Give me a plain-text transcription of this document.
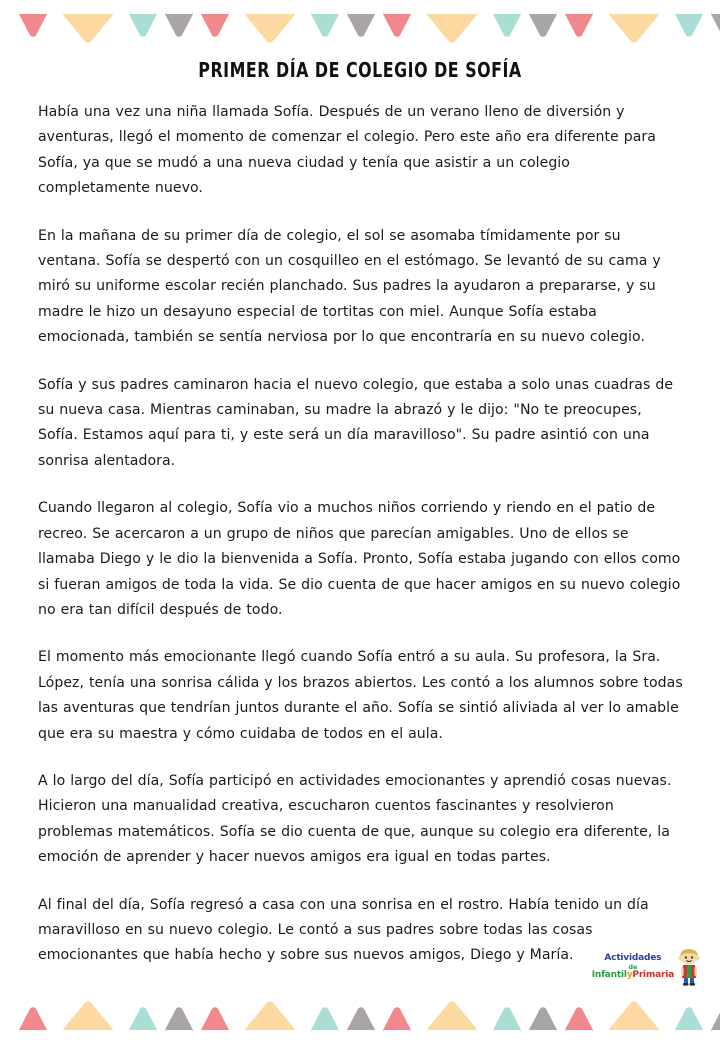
PRIMER DÍA DE COLEGIO DE SOFÍA

Había una vez una niña llamada Sofía. Después de un verano lleno de diversión y aventuras, llegó el momento de comenzar el colegio. Pero este año era diferente para Sofía, ya que se mudó a una nueva ciudad y tenía que asistir a un colegio completamente nuevo.

En la mañana de su primer día de colegio, el sol se asomaba tímidamente por su ventana. Sofía se despertó con un cosquilleo en el estómago. Se levantó de su cama y miró su uniforme escolar recién planchado. Sus padres la ayudaron a prepararse, y su madre le hizo un desayuno especial de tortitas con miel. Aunque Sofía estaba emocionada, también se sentía nerviosa por lo que encontraría en su nuevo colegio.

Sofía y sus padres caminaron hacia el nuevo colegio, que estaba a solo unas cuadras de su nueva casa. Mientras caminaban, su madre la abrazó y le dijo: "No te preocupes, Sofía. Estamos aquí para ti, y este será un día maravilloso". Su padre asintió con una sonrisa alentadora.

Cuando llegaron al colegio, Sofía vio a muchos niños corriendo y riendo en el patio de recreo. Se acercaron a un grupo de niños que parecían amigables. Uno de ellos se llamaba Diego y le dio la bienvenida a Sofía. Pronto, Sofía estaba jugando con ellos como si fueran amigos de toda la vida. Se dio cuenta de que hacer amigos en su nuevo colegio no era tan difícil después de todo.

El momento más emocionante llegó cuando Sofía entró a su aula. Su profesora, la Sra. López, tenía una sonrisa cálida y los brazos abiertos. Les contó a los alumnos sobre todas las aventuras que tendrían juntos durante el año. Sofía se sintió aliviada al ver lo amable que era su maestra y cómo cuidaba de todos en el aula.

A lo largo del día, Sofía participó en actividades emocionantes y aprendió cosas nuevas. Hicieron una manualidad creativa, escucharon cuentos fascinantes y resolvieron problemas matemáticos. Sofía se dio cuenta de que, aunque su colegio era diferente, la emoción de aprender y hacer nuevos amigos era igual en todas partes.

Al final del día, Sofía regresó a casa con una sonrisa en el rostro. Había tenido un día maravilloso en su nuevo colegio. Le contó a sus padres sobre todas las cosas emocionantes que había hecho y sobre sus nuevos amigos, Diego y María.	Actividades
de
InfantilyPrimaria
